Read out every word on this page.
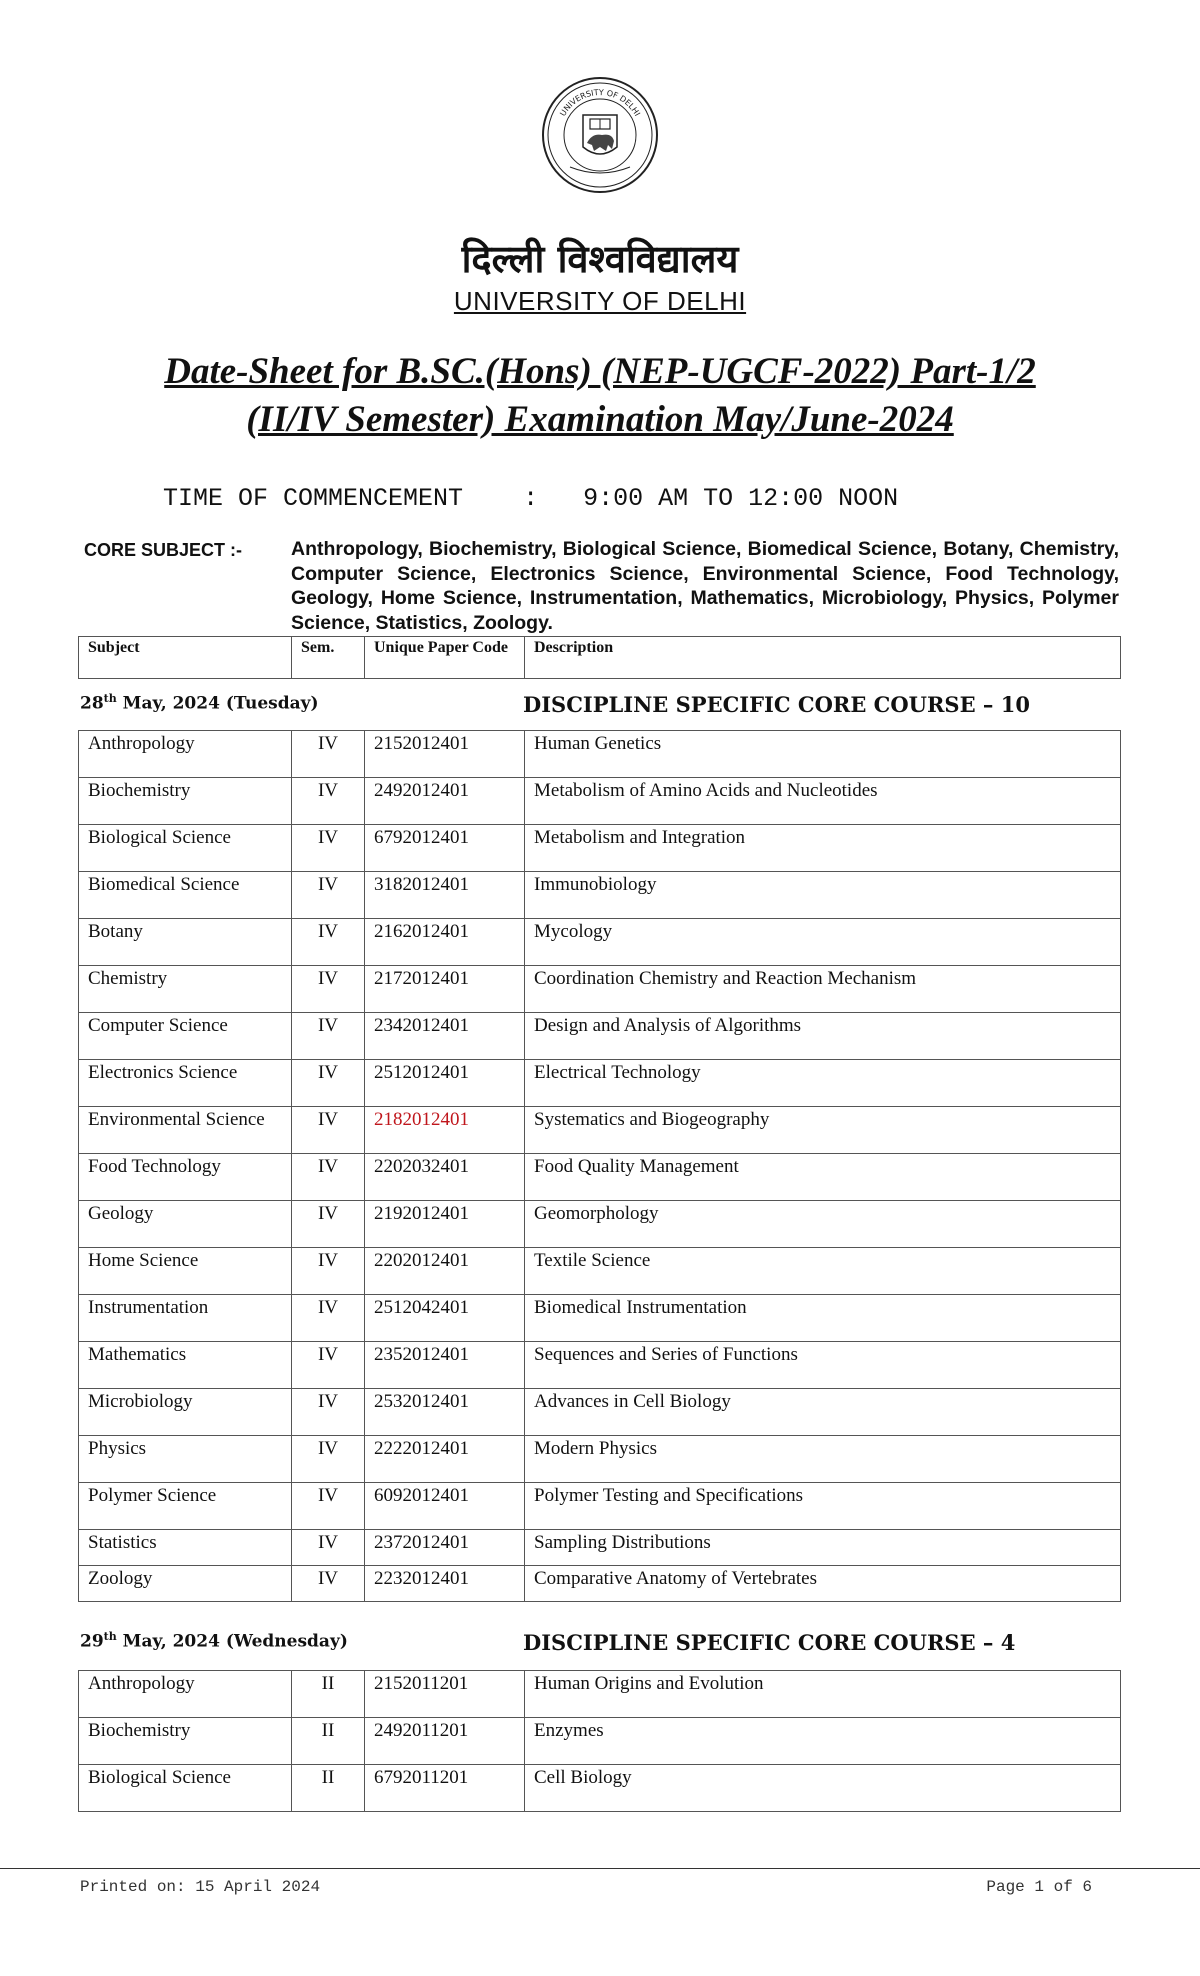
UNIVERSITY OF DELHI
दिल्ली विश्वविद्यालय
UNIVERSITY OF DELHI
Date-Sheet for B.SC.(Hons) (NEP-UGCF-2022) Part-1/2
(II/IV Semester) Examination May/June-2024
TIME OF COMMENCEMENT : 9:00 AM TO 12:00 NOON
CORE SUBJECT :-	Anthropology, Biochemistry, Biological Science, Biomedical Science, Botany, Chemistry, Computer Science, Electronics Science, Environmental Science, Food Technology, Geology, Home Science, Instrumentation, Mathematics, Microbiology, Physics, Polymer Science, Statistics, Zoology.
Subject	Sem.	Unique Paper Code	Description
28th May, 2024 (Tuesday)	DISCIPLINE SPECIFIC CORE COURSE – 10
Anthropology	IV	2152012401	Human Genetics
Biochemistry	IV	2492012401	Metabolism of Amino Acids and Nucleotides
Biological Science	IV	6792012401	Metabolism and Integration
Biomedical Science	IV	3182012401	Immunobiology
Botany	IV	2162012401	Mycology
Chemistry	IV	2172012401	Coordination Chemistry and Reaction Mechanism
Computer Science	IV	2342012401	Design and Analysis of Algorithms
Electronics Science	IV	2512012401	Electrical Technology
Environmental Science	IV	2182012401	Systematics and Biogeography
Food Technology	IV	2202032401	Food Quality Management
Geology	IV	2192012401	Geomorphology
Home Science	IV	2202012401	Textile Science
Instrumentation	IV	2512042401	Biomedical Instrumentation
Mathematics	IV	2352012401	Sequences and Series of Functions
Microbiology	IV	2532012401	Advances in Cell Biology
Physics	IV	2222012401	Modern Physics
Polymer Science	IV	6092012401	Polymer Testing and Specifications
Statistics	IV	2372012401	Sampling Distributions
Zoology	IV	2232012401	Comparative Anatomy of Vertebrates
29th May, 2024 (Wednesday)	DISCIPLINE SPECIFIC CORE COURSE – 4
Anthropology	II	2152011201	Human Origins and Evolution
Biochemistry	II	2492011201	Enzymes
Biological Science	II	6792011201	Cell Biology
Printed on: 15 April 2024	Page 1 of 6
